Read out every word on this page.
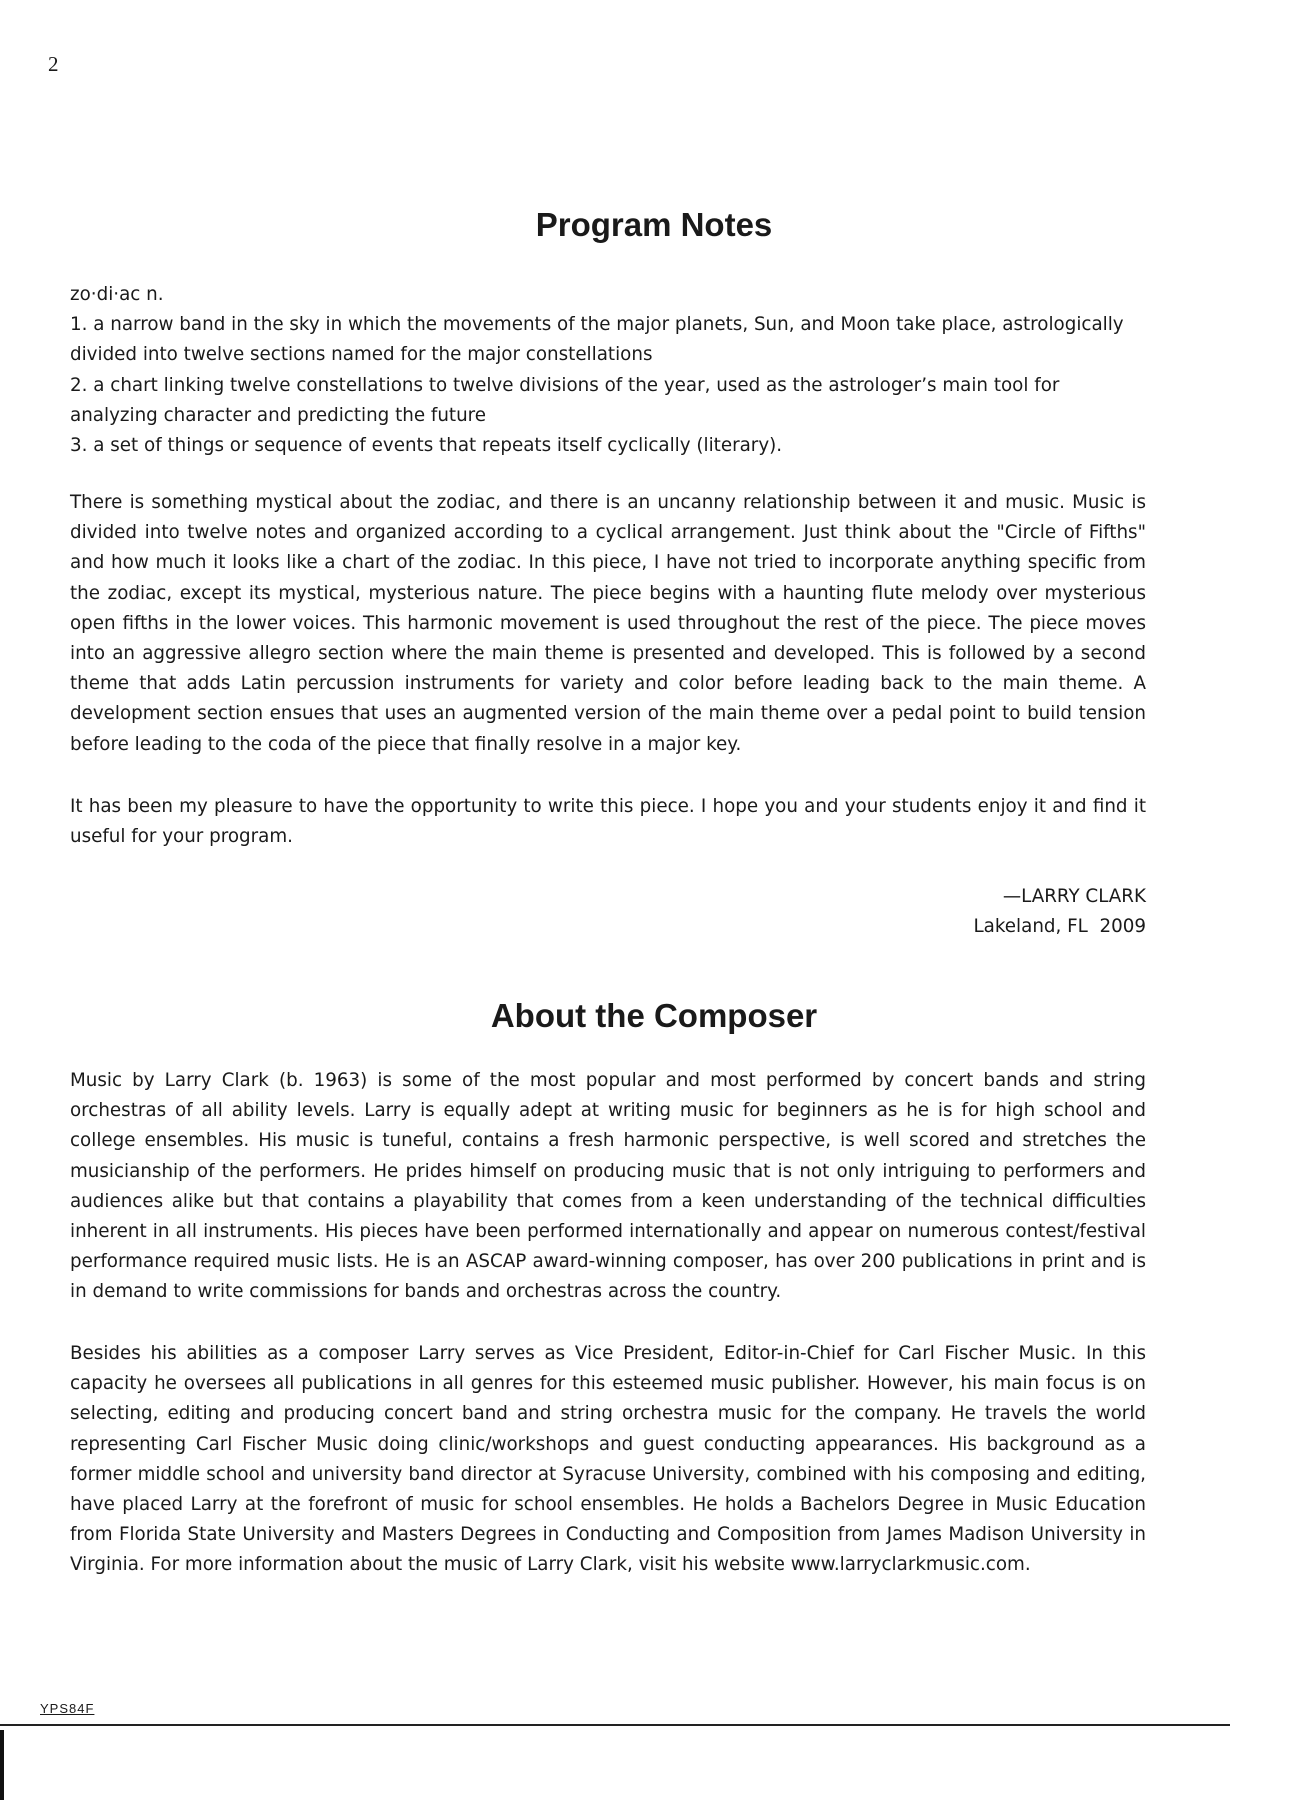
2
Program Notes
zo·di·ac n.
1. a narrow band in the sky in which the movements of the major planets, Sun, and Moon take place, astrologically divided into twelve sections named for the major constellations
2. a chart linking twelve constellations to twelve divisions of the year, used as the astrologer’s main tool for analyzing character and predicting the future
3. a set of things or sequence of events that repeats itself cyclically (literary).

There is something mystical about the zodiac, and there is an uncanny relationship between it and music. Music is divided into twelve notes and organized according to a cyclical arrangement. Just think about the "Circle of Fifths" and how much it looks like a chart of the zodiac. In this piece, I have not tried to incorporate anything specific from the zodiac, except its mystical, mysterious nature. The piece begins with a haunting flute melody over mysterious open fifths in the lower voices. This harmonic movement is used throughout the rest of the piece. The piece moves into an aggressive allegro section where the main theme is presented and developed. This is followed by a second theme that adds Latin percussion instruments for variety and color before leading back to the main theme. A development section ensues that uses an augmented version of the main theme over a pedal point to build tension before leading to the coda of the piece that finally resolve in a major key.

It has been my pleasure to have the opportunity to write this piece. I hope you and your students enjoy it and find it useful for your program.

—LARRY CLARK
Lakeland, FL  2009
About the Composer

Music by Larry Clark (b. 1963) is some of the most popular and most performed by concert bands and string orchestras of all ability levels. Larry is equally adept at writing music for beginners as he is for high school and college ensembles. His music is tuneful, contains a fresh harmonic perspective, is well scored and stretches the musicianship of the performers. He prides himself on producing music that is not only intriguing to performers and audiences alike but that contains a playability that comes from a keen understanding of the technical difficulties inherent in all instruments. His pieces have been performed internationally and appear on numerous contest/festival performance required music lists. He is an ASCAP award-winning composer, has over 200 publications in print and is in demand to write commissions for bands and orchestras across the country.

Besides his abilities as a composer Larry serves as Vice President, Editor-in-Chief for Carl Fischer Music. In this capacity he oversees all publications in all genres for this esteemed music publisher. However, his main focus is on selecting, editing and producing concert band and string orchestra music for the company. He travels the world representing Carl Fischer Music doing clinic/workshops and guest conducting appearances. His background as a former middle school and university band director at Syracuse University, combined with his composing and editing, have placed Larry at the forefront of music for school ensembles. He holds a Bachelors Degree in Music Education from Florida State University and Masters Degrees in Conducting and Composition from James Madison University in Virginia. For more information about the music of Larry Clark, visit his website www.larryclarkmusic.com.

YPS84F
